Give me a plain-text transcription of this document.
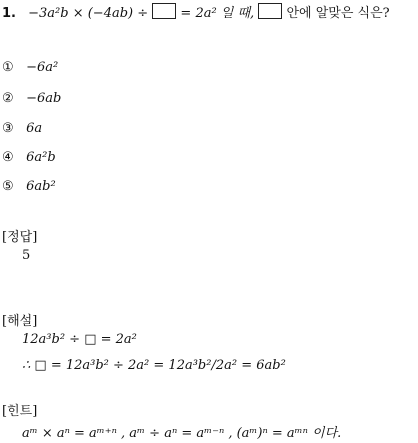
1. −3a²b × (−4ab) ÷ = 2a² 일 때, 안에 알맞은 식은?
① −6a²
② −6ab
③ 6a
④ 6a²b
⑤ 6ab²
[정답]
5
[해설]
12a³b² ÷ □ = 2a²
∴ □ = 12a³b² ÷ 2a² = 12a³b²/2a² = 6ab²
[힌트]
aᵐ × aⁿ = aᵐ⁺ⁿ , aᵐ ÷ aⁿ = aᵐ⁻ⁿ , (aᵐ)ⁿ = aᵐⁿ 이다.
